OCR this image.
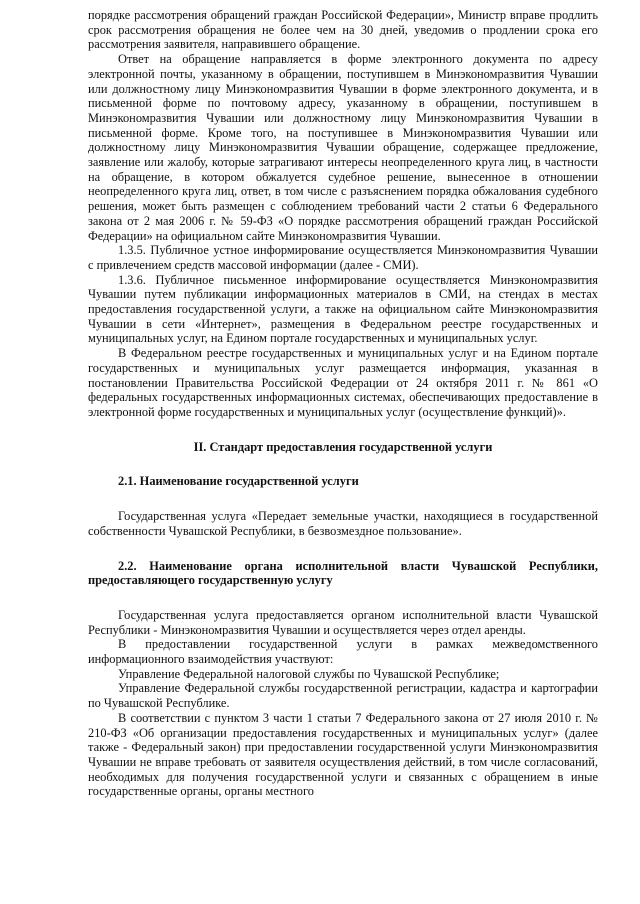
порядке рассмотрения обращений граждан Российской Федерации», Министр вправе продлить срок рассмотрения обращения не более чем на 30 дней, уведомив о продлении срока его рассмотрения заявителя, направившего обращение.

Ответ на обращение направляется в форме электронного документа по адресу электронной почты, указанному в обращении, поступившем в Минэкономразвития Чувашии или должностному лицу Минэкономразвития Чувашии в форме электронного документа, и в письменной форме по почтовому адресу, указанному в обращении, поступившем в Минэкономразвития Чувашии или должностному лицу Минэкономразвития Чувашии в письменной форме. Кроме того, на поступившее в Минэкономразвития Чувашии или должностному лицу Минэкономразвития Чувашии обращение, содержащее предложение, заявление или жалобу, которые затрагивают интересы неопределенного круга лиц, в частности на обращение, в котором обжалуется судебное решение, вынесенное в отношении неопределенного круга лиц, ответ, в том числе с разъяснением порядка обжалования судебного решения, может быть размещен с соблюдением требований части 2 статьи 6 Федерального закона от 2 мая 2006 г. № 59-ФЗ «О порядке рассмотрения обращений граждан Российской Федерации» на официальном сайте Минэкономразвития Чувашии.

1.3.5. Публичное устное информирование осуществляется Минэкономразвития Чувашии с привлечением средств массовой информации (далее - СМИ).

1.3.6. Публичное письменное информирование осуществляется Минэкономразвития Чувашии путем публикации информационных материалов в СМИ, на стендах в местах предоставления государственной услуги, а также на официальном сайте Минэкономразвития Чувашии в сети «Интернет», размещения в Федеральном реестре государственных и муниципальных услуг, на Едином портале государственных и муниципальных услуг.

В Федеральном реестре государственных и муниципальных услуг и на Едином портале государственных и муниципальных услуг размещается информация, указанная в постановлении Правительства Российской Федерации от 24 октября 2011 г. № 861 «О федеральных государственных информационных системах, обеспечивающих предоставление в электронной форме государственных и муниципальных услуг (осуществление функций)».

II. Стандарт предоставления государственной услуги
2.1. Наименование государственной услуги

Государственная услуга «Передает земельные участки, находящиеся в государственной собственности Чувашской Республики, в безвозмездное пользование».

2.2. Наименование органа исполнительной власти Чувашской Республики, предоставляющего государственную услугу

Государственная услуга предоставляется органом исполнительной власти Чувашской Республики - Минэкономразвития Чувашии и осуществляется через отдел аренды.

В предоставлении государственной услуги в рамках межведомственного информационного взаимодействия участвуют:

Управление Федеральной налоговой службы по Чувашской Республике;

Управление Федеральной службы государственной регистрации, кадастра и картографии по Чувашской Республике.

В соответствии с пунктом 3 части 1 статьи 7 Федерального закона от 27 июля 2010 г. № 210-ФЗ «Об организации предоставления государственных и муниципальных услуг» (далее также - Федеральный закон) при предоставлении государственной услуги Минэкономразвития Чувашии не вправе требовать от заявителя осуществления действий, в том числе согласований, необходимых для получения государственной услуги и связанных с обращением в иные государственные органы, органы местного
